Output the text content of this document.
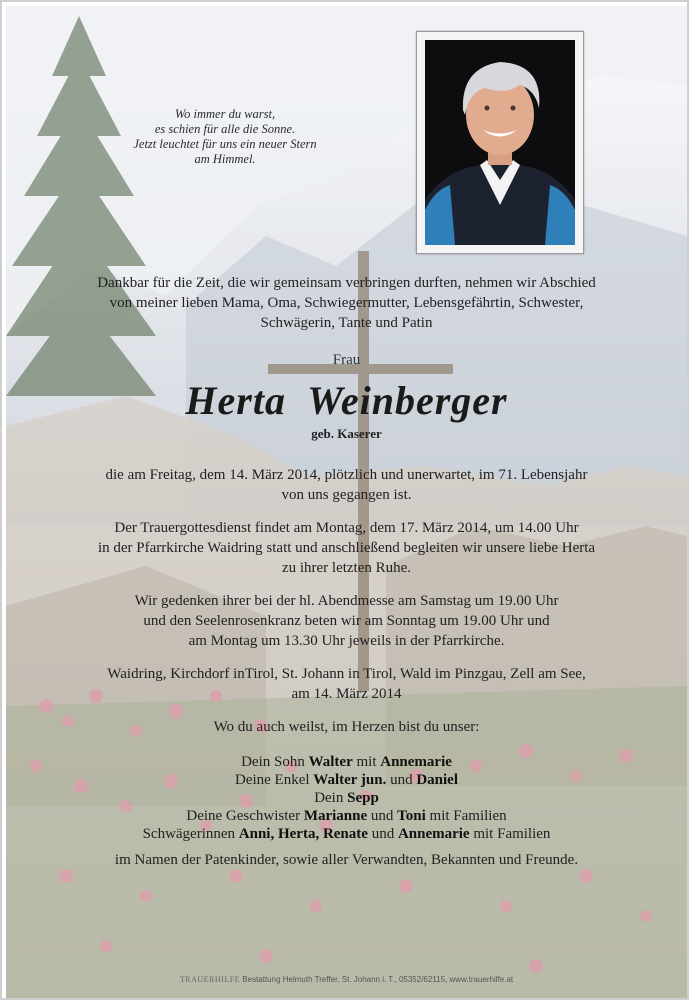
Wo immer du warst,
es schien für alle die Sonne.
Jetzt leuchtet für uns ein neuer Stern
am Himmel.
Dankbar für die Zeit, die wir gemeinsam verbringen durften, nehmen wir Abschied
von meiner lieben Mama, Oma, Schwiegermutter, Lebensgefährtin, Schwester,
Schwägerin, Tante und Patin
Frau
Herta  Weinberger
geb. Kaserer
die am Freitag, dem 14. März 2014, plötzlich und unerwartet, im 71. Lebensjahr
von uns gegangen ist.
Der Trauergottesdienst findet am Montag, dem 17. März 2014, um 14.00 Uhr
in der Pfarrkirche Waidring statt und anschließend begleiten wir unsere liebe Herta
zu ihrer letzten Ruhe.
Wir gedenken ihrer bei der hl. Abendmesse am Samstag um 19.00 Uhr
und den Seelenrosenkranz beten wir am Sonntag um 19.00 Uhr und
am Montag um 13.30 Uhr jeweils in der Pfarrkirche.
Waidring, Kirchdorf inTirol, St. Johann in Tirol, Wald im Pinzgau, Zell am See,
am 14. März 2014
Wo du auch weilst, im Herzen bist du unser:
Dein Sohn Walter mit Annemarie
Deine Enkel Walter jun. und Daniel
Dein Sepp
Deine Geschwister Marianne und Toni mit Familien
Schwägerinnen Anni, Herta, Renate und Annemarie mit Familien
im Namen der Patenkinder, sowie aller Verwandten, Bekannten und Freunde.
TRAUERHILFE Bestattung Helmuth Treffer, St. Johann i. T., 05352/62115, www.trauerhilfe.at
